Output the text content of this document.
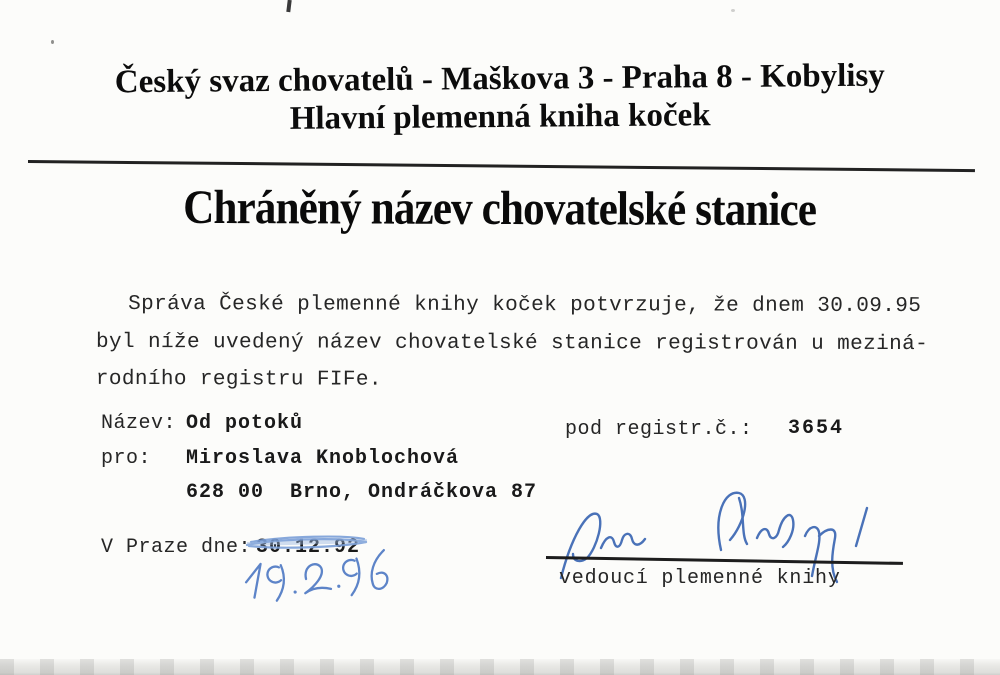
Český svaz chovatelů - Maškova 3 - Praha 8 - Kobylisy
Hlavní plemenná kniha koček
Chráněný název chovatelské stanice
Správa České plemenné knihy koček potvrzuje, že dnem 30.09.95
byl níže uvedený název chovatelské stanice registrován u meziná-
rodního registru FIFe.
Název: Od potoků	pod registr.č.: 3654
pro: Miroslava Knoblochová
628 00  Brno, Ondráčkova 87
V Praze dne: 30.12.92
vedoucí plemenné knihy
